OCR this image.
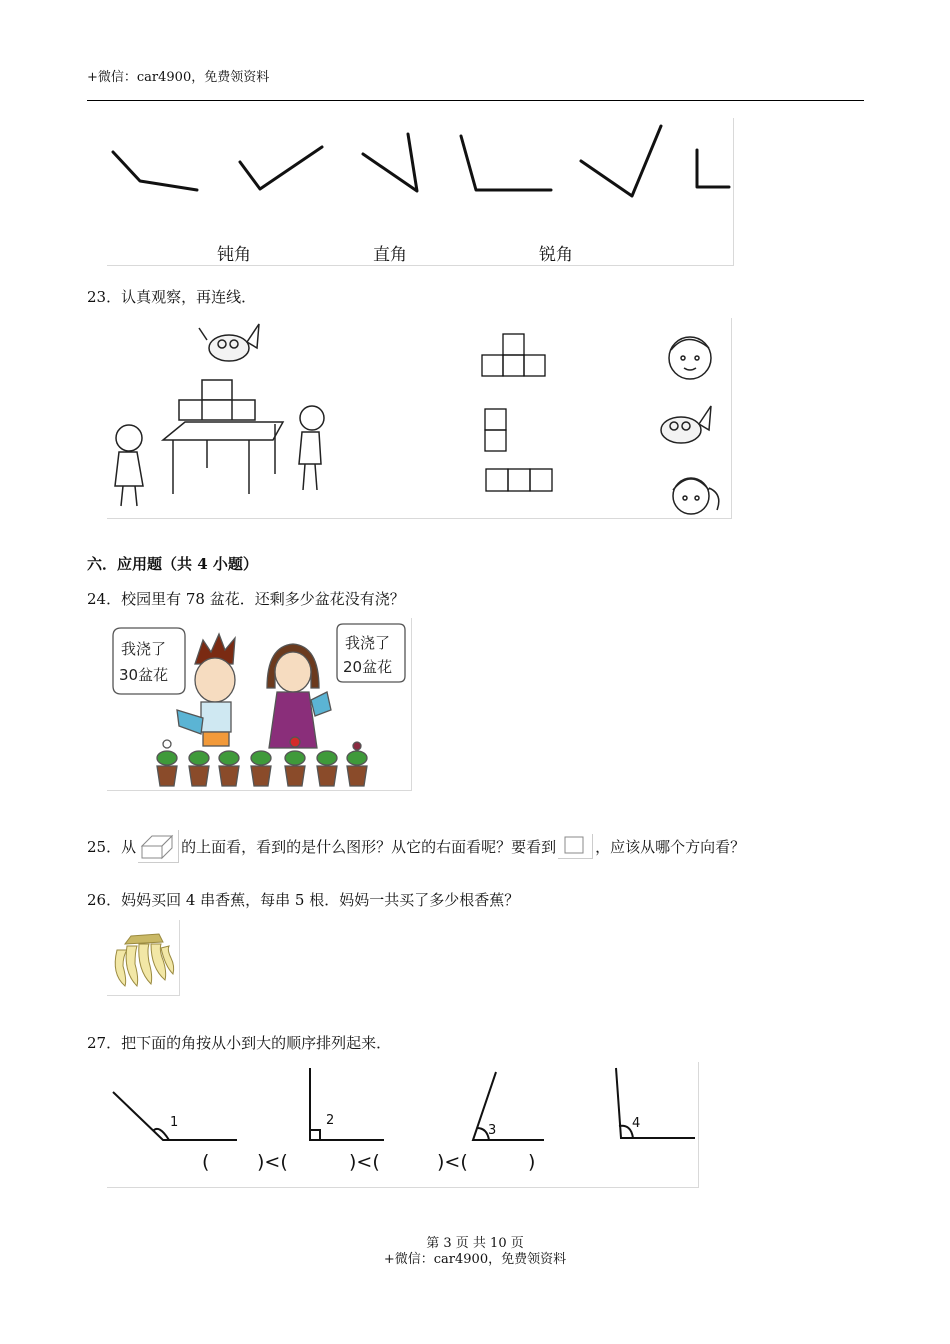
+微信：car4900，免费领资料
钝角	直角	锐角
23．认真观察，再连线．
六．应用题（共 4 小题）
24．校园里有 78 盆花．还剩多少盆花没有浇？
我浇了
30盆花
我浇了
20盆花
25．从	的上面看，看到的是什么图形？从它的右面看呢？要看到	，应该从哪个方向看？
26．妈妈买回 4 串香蕉，每串 5 根．妈妈一共买了多少根香蕉？
27．把下面的角按从小到大的顺序排列起来．
1	2
3	4
(	)<(	)<(	)<(	)
第 3 页 共 10 页
+微信：car4900，免费领资料
